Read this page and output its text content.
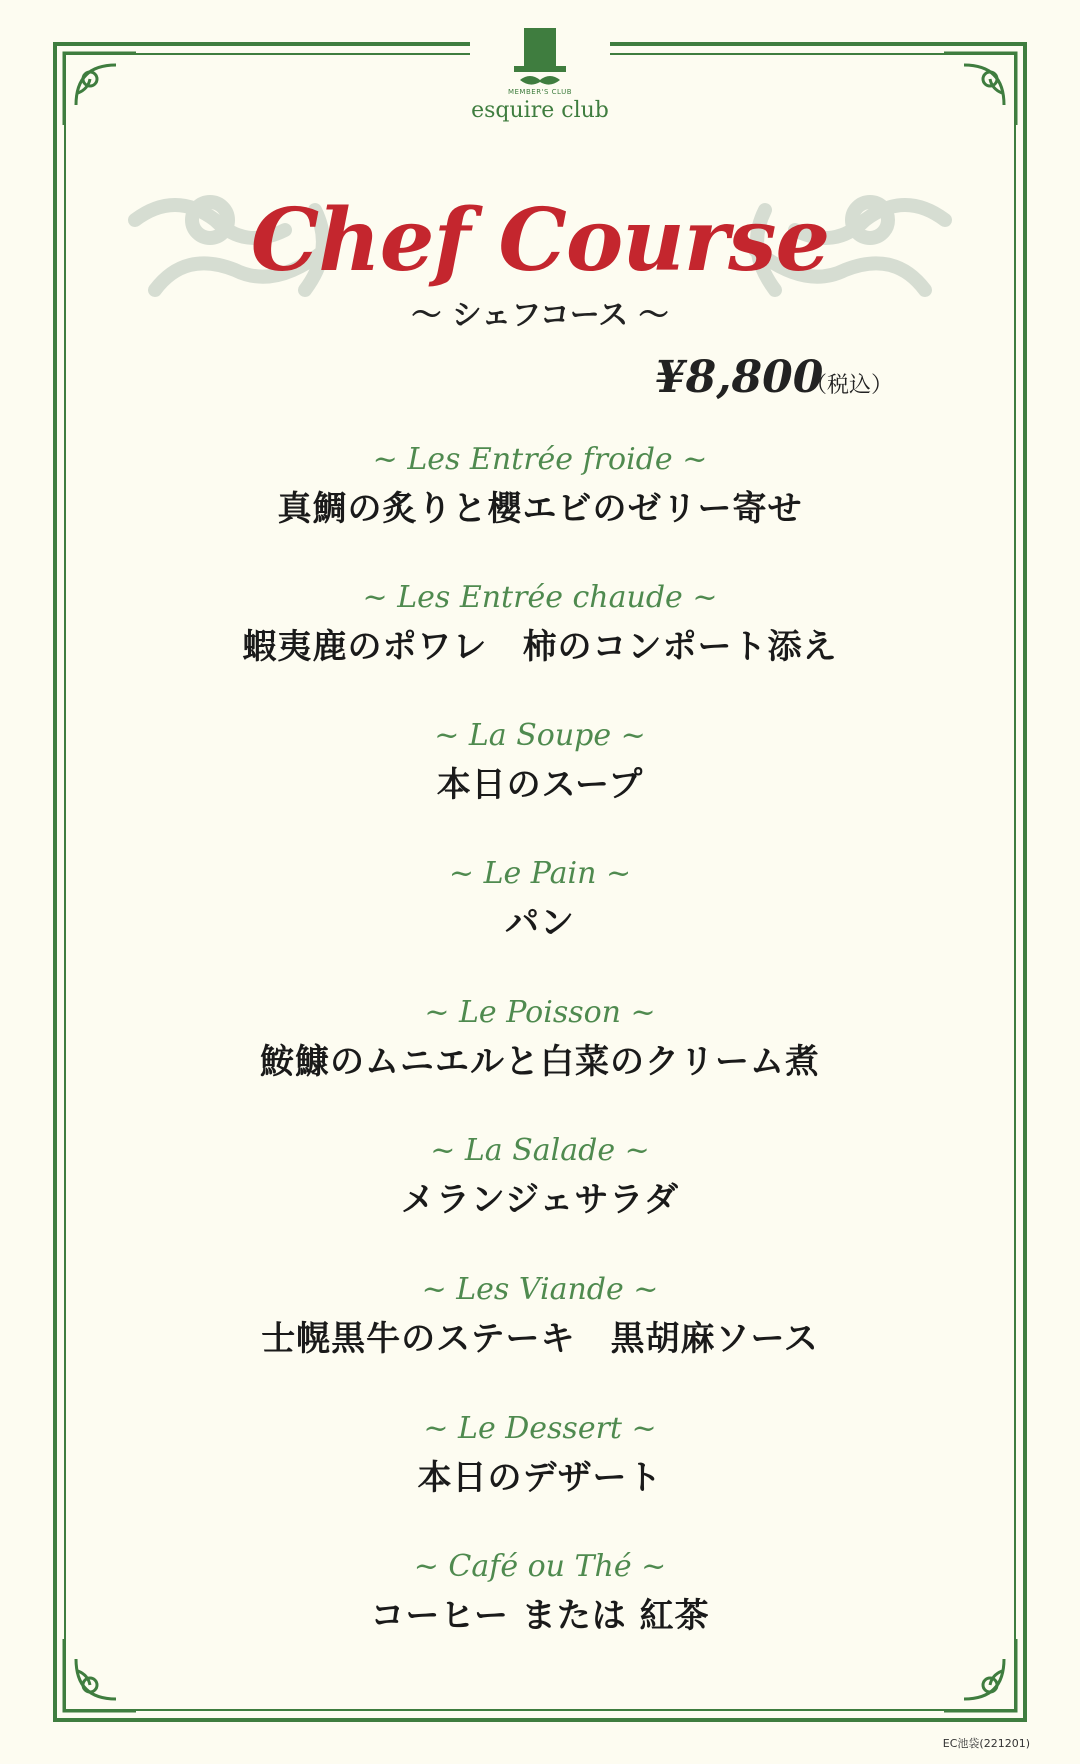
MEMBER'S CLUB
esquire club
Chef Course
〜 シェフコース 〜
¥8,800
（税込）
~ Les Entrée froide ~
真鯛の炙りと櫻エビのゼリー寄せ
~ Les Entrée chaude ~
蝦夷鹿のポワレ　柿のコンポート添え
~ La Soupe ~
本日のスープ
~ Le Pain ~
パン
~ Le Poisson ~
鮟鱇のムニエルと白菜のクリーム煮
~ La Salade ~
メランジェサラダ
~ Les Viande ~
士幌黒牛のステーキ　黒胡麻ソース
~ Le Dessert ~
本日のデザート
~ Café ou Thé ~
コーヒー または 紅茶
EC池袋(221201)
